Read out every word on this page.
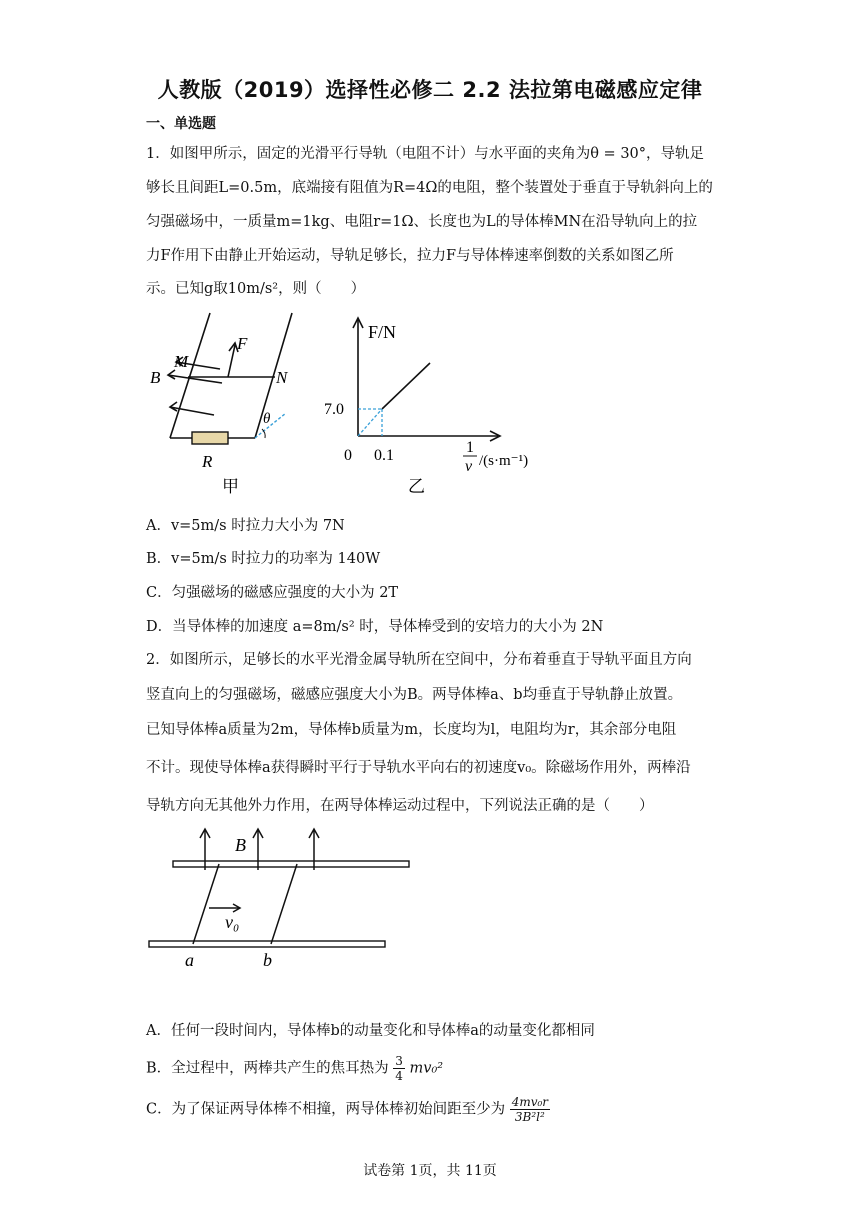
人教版（2019）选择性必修二 2.2 法拉第电磁感应定律
一、单选题
1．如图甲所示，固定的光滑平行导轨（电阻不计）与水平面的夹角为θ = 30°，导轨足
够长且间距L=0.5m，底端接有阻值为R=4Ω的电阻，整个装置处于垂直于导轨斜向上的
匀强磁场中，一质量m=1kg、电阻r=1Ω、长度也为L的导体棒MN在沿导轨向上的拉
力F作用下由静止开始运动，导轨足够长，拉力F与导体棒速率倒数的关系如图乙所
示。已知g取10m/s²，则（　　）
M
F
B	N
θ
R
甲
F/N
7.0
0 0.1	1
v /(s·m⁻¹)
乙
A．v=5m/s 时拉力大小为 7N
B．v=5m/s 时拉力的功率为 140W
C．匀强磁场的磁感应强度的大小为 2T
D．当导体棒的加速度 a=8m/s² 时，导体棒受到的安培力的大小为 2N
2．如图所示，足够长的水平光滑金属导轨所在空间中，分布着垂直于导轨平面且方向
竖直向上的匀强磁场，磁感应强度大小为B。两导体棒a、b均垂直于导轨静止放置。
已知导体棒a质量为2m，导体棒b质量为m，长度均为l，电阻均为r，其余部分电阻
不计。现使导体棒a获得瞬时平行于导轨水平向右的初速度v₀。除磁场作用外，两棒沿
导轨方向无其他外力作用，在两导体棒运动过程中，下列说法正确的是（　　）
B
v₀
a	b
A．任何一段时间内，导体棒b的动量变化和导体棒a的动量变化都相同
B．全过程中，两棒共产生的焦耳热为 $\frac{3}{4} mv_0^2$
C．为了保证两导体棒不相撞，两导体棒初始间距至少为 $\frac{\text{4mv₀r}}{\text{3B²l²}}$
试卷第 1页，共 11页
